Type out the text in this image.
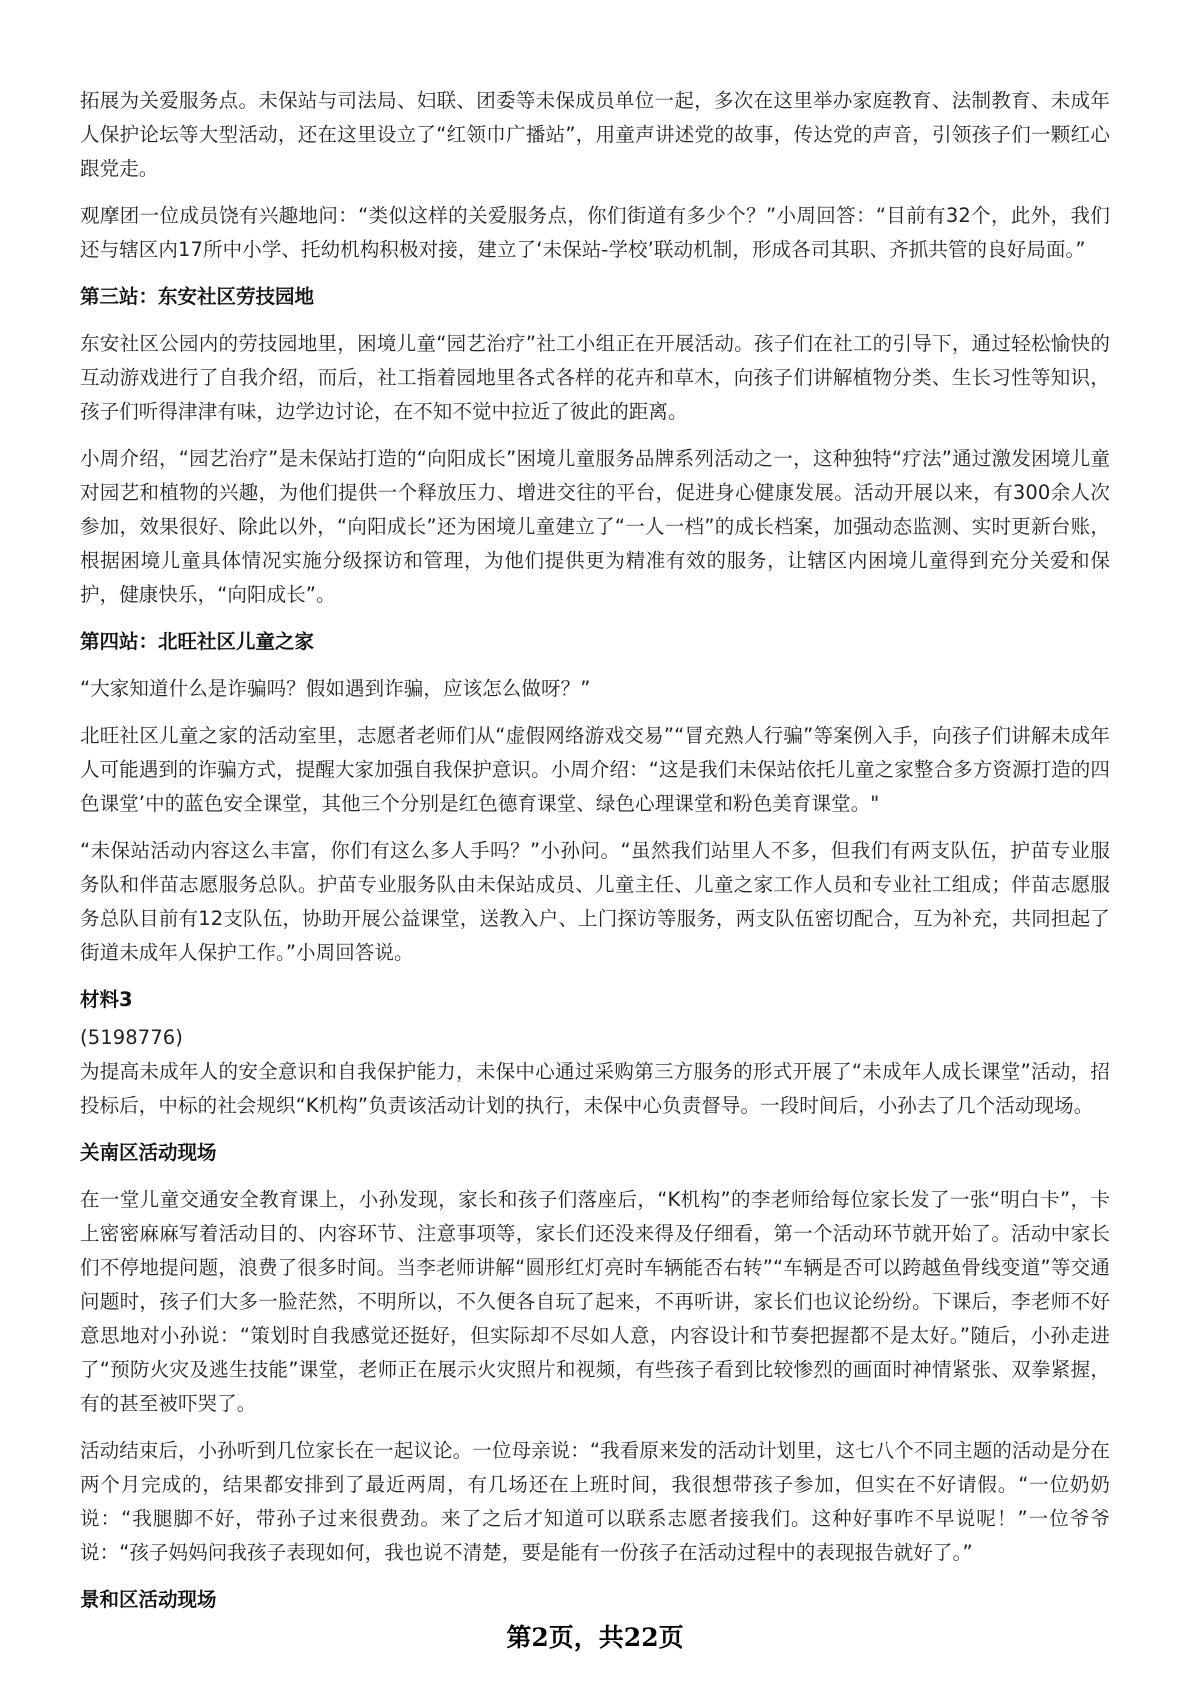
拓展为关爱服务点。未保站与司法局、妇联、团委等未保成员单位一起，多次在这里举办家庭教育、法制教育、未成年人保护论坛等大型活动，还在这里设立了“红领巾广播站”，用童声讲述党的故事，传达党的声音，引领孩子们一颗红心跟党走。

观摩团一位成员饶有兴趣地问：“类似这样的关爱服务点，你们街道有多少个？”小周回答：“目前有32个，此外，我们还与辖区内17所中小学、托幼机构积极对接，建立了‘未保站-学校’联动机制，形成各司其职、齐抓共管的良好局面。”

第三站：东安社区劳技园地

东安社区公园内的劳技园地里，困境儿童“园艺治疗”社工小组正在开展活动。孩子们在社工的引导下，通过轻松愉快的互动游戏进行了自我介绍，而后，社工指着园地里各式各样的花卉和草木，向孩子们讲解植物分类、生长习性等知识，孩子们听得津津有味，边学边讨论，在不知不觉中拉近了彼此的距离。

小周介绍，“园艺治疗”是未保站打造的“向阳成长”困境儿童服务品牌系列活动之一，这种独特“疗法”通过激发困境儿童对园艺和植物的兴趣，为他们提供一个释放压力、增进交往的平台，促进身心健康发展。活动开展以来，有300余人次参加，效果很好、除此以外，“向阳成长”还为困境儿童建立了“一人一档”的成长档案，加强动态监测、实时更新台账，根据困境儿童具体情况实施分级探访和管理，为他们提供更为精准有效的服务，让辖区内困境儿童得到充分关爱和保护，健康快乐，“向阳成长”。

第四站：北旺社区儿童之家

“大家知道什么是诈骗吗？假如遇到诈骗，应该怎么做呀？”

北旺社区儿童之家的活动室里，志愿者老师们从“虚假网络游戏交易”“冒充熟人行骗”等案例入手，向孩子们讲解未成年人可能遇到的诈骗方式，提醒大家加强自我保护意识。小周介绍：“这是我们未保站依托儿童之家整合多方资源打造的四色课堂’中的蓝色安全课堂，其他三个分别是红色德育课堂、绿色心理课堂和粉色美育课堂。"

“未保站活动内容这么丰富，你们有这么多人手吗？”小孙问。“虽然我们站里人不多，但我们有两支队伍，护苗专业服务队和伴苗志愿服务总队。护苗专业服务队由未保站成员、儿童主任、儿童之家工作人员和专业社工组成；伴苗志愿服务总队目前有12支队伍，协助开展公益课堂，送教入户、上门探访等服务，两支队伍密切配合，互为补充，共同担起了街道未成年人保护工作。”小周回答说。

材料3

(5198776)

为提高未成年人的安全意识和自我保护能力，未保中心通过采购第三方服务的形式开展了“未成年人成长课堂”活动，招投标后，中标的社会规织“K机构”负责该活动计划的执行，未保中心负责督导。一段时间后，小孙去了几个活动现场。

关南区活动现场

在一堂儿童交通安全教育课上，小孙发现，家长和孩子们落座后，“K机构”的李老师给每位家长发了一张“明白卡”，卡上密密麻麻写着活动目的、内容环节、注意事项等，家长们还没来得及仔细看，第一个活动环节就开始了。活动中家长们不停地提问题，浪费了很多时间。当李老师讲解“圆形红灯亮时车辆能否右转”“车辆是否可以跨越鱼骨线变道”等交通问题时，孩子们大多一脸茫然，不明所以，不久便各自玩了起来，不再听讲，家长们也议论纷纷。下课后，李老师不好意思地对小孙说：“策划时自我感觉还挺好，但实际却不尽如人意，内容设计和节奏把握都不是太好。”随后，小孙走进了“预防火灾及逃生技能”课堂，老师正在展示火灾照片和视频，有些孩子看到比较惨烈的画面时神情紧张、双拳紧握，有的甚至被吓哭了。

活动结束后，小孙听到几位家长在一起议论。一位母亲说：“我看原来发的活动计划里，这七八个不同主题的活动是分在两个月完成的，结果都安排到了最近两周，有几场还在上班时间，我很想带孩子参加，但实在不好请假。“一位奶奶说：“我腿脚不好，带孙子过来很费劲。来了之后才知道可以联系志愿者接我们。这种好事咋不早说呢！”一位爷爷说：“孩子妈妈问我孩子表现如何，我也说不清楚，要是能有一份孩子在活动过程中的表现报告就好了。”

景和区活动现场
第2页，共22页
